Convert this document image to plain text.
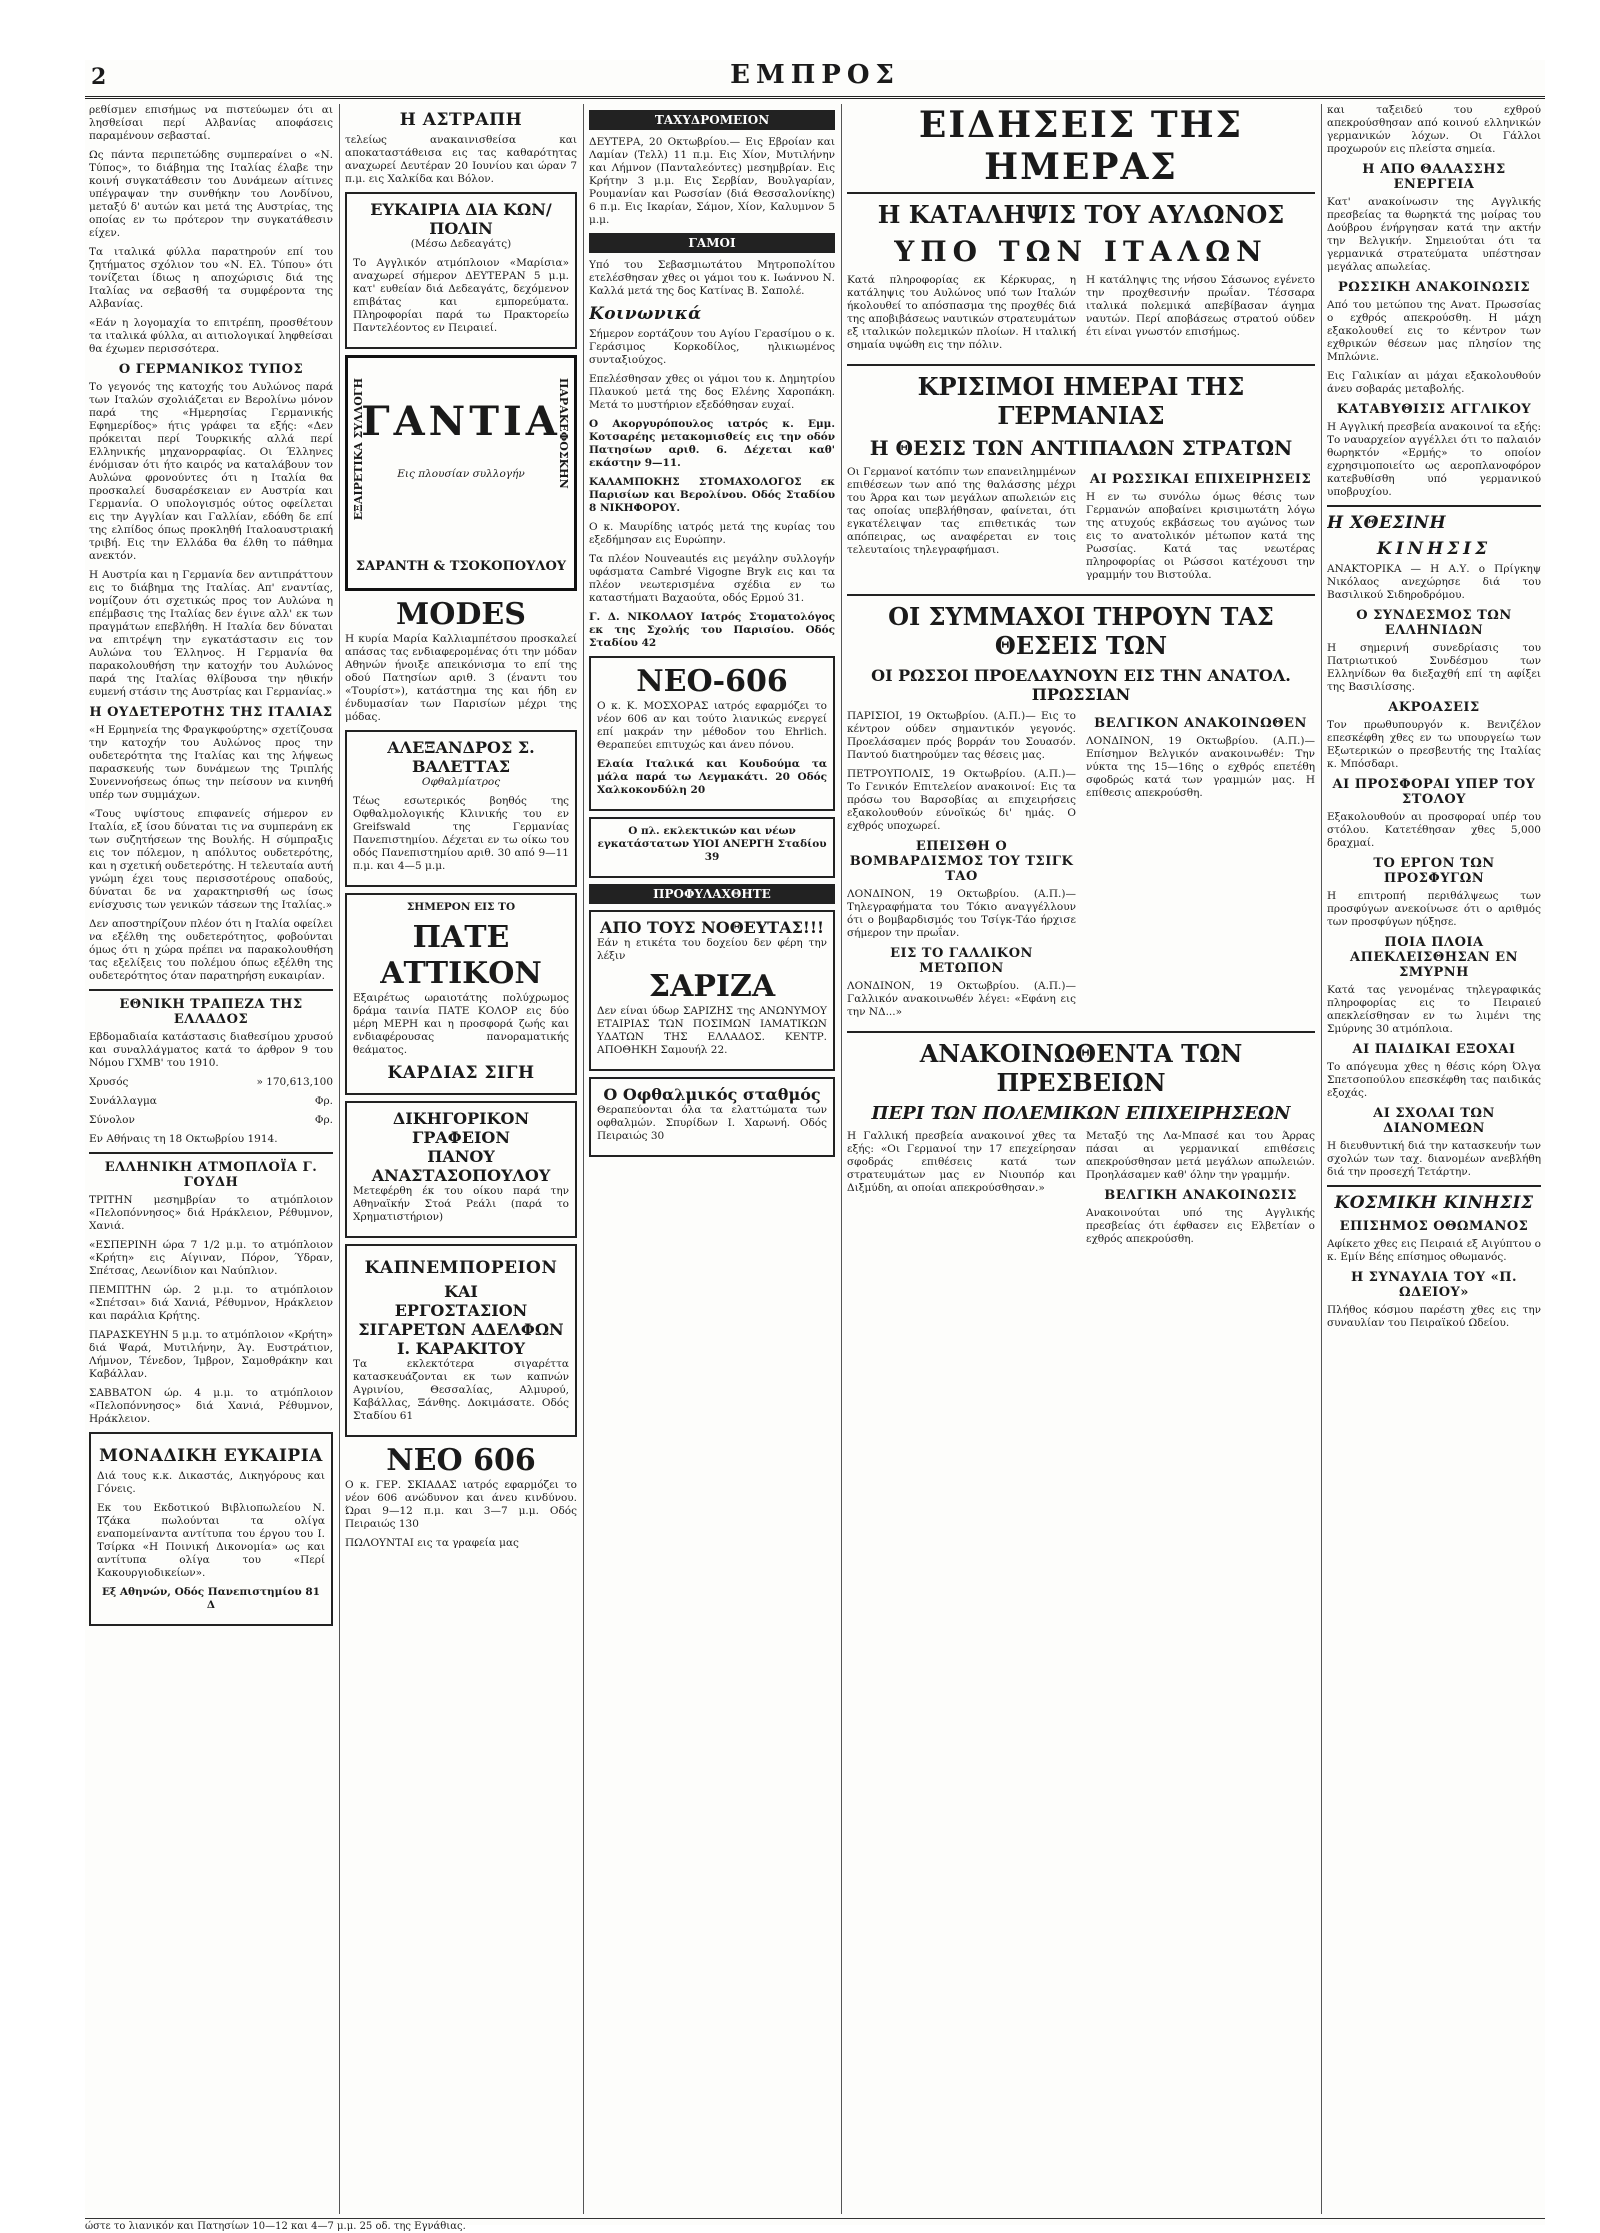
2	ΕΜΠΡΟΣ

ρεθίσμεν επισήμως να πιστεύωμεν ότι αι λησθείσαι περί Αλβανίας αποφάσεις παραμένουν σεβασταί.

Ως πάντα περιπετώδης συμπεραίνει ο «Ν. Τύπος», το διάβημα της Ιταλίας έλαβε την κοινή συγκατάθεσιν του Δυνάμεων αίτινες υπέγραψαν την συνθήκην του Λονδίνου, μεταξύ δ' αυτών και μετά της Αυστρίας, της οποίας εν τω πρότερον την συγκατάθεσιν είχεν.

Τα ιταλικά φύλλα παρατηρούν επί του ζητήματος σχόλιον του «Ν. Ελ. Τύπου» ότι τονίζεται ίδιως η αποχώρισις διά της Ιταλίας να σεβασθή τα συμφέροντα της Αλβανίας.

«Εάν η λογομαχία το επιτρέπη, προσθέτουν τα ιταλικά φύλλα, αι αιτιολογικαί ληφθείσαι θα έχωμεν περισσότερα.

Ο ΓΕΡΜΑΝΙΚΟΣ ΤΥΠΟΣ

Το γεγονός της κατοχής του Αυλώνος παρά των Ιταλών σχολιάζεται εν Βερολίνω μόνον παρά της «Ημερησίας Γερμανικής Εφημερίδος» ήτις γράφει τα εξής: «Δεν πρόκειται περί Τουρκικής αλλά περί Ελληνικής μηχανορραφίας. Οι Έλληνες ένόμισαν ότι ήτο καιρός να καταλάβουν τον Αυλώνα φρονούντες ότι η Ιταλία θα προσκαλεί δυσαρέσκειαν εν Αυστρία και Γερμανία. Ο υπολογισμός ούτος οφείλεται εις την Αγγλίαν και Γαλλίαν, εδόθη δε επί της ελπίδος όπως προκληθή Ιταλοαυστριακή τριβή. Εις την Ελλάδα θα έλθη το πάθημα ανεκτόν.

Η Αυστρία και η Γερμανία δεν αντιπράττουν εις το διάβημα της Ιταλίας. Απ' εναντίας, νομίζουν ότι σχετικώς προς τον Αυλώνα η επέμβασις της Ιταλίας δεν έγινε αλλ' εκ των πραγμάτων επεβλήθη. Η Ιταλία δεν δύναται να επιτρέψη την εγκατάστασιν εις τον Αυλώνα του Έλληνος. Η Γερμανία θα παρακολουθήση την κατοχήν του Αυλώνος παρά της Ιταλίας θλίβουσα την ηθικήν ευμενή στάσιν της Αυστρίας και Γερμανίας.»

Η ΟΥΔΕΤΕΡΟΤΗΣ ΤΗΣ ΙΤΑΛΙΑΣ

«Η Ερμηνεία της Φραγκφούρτης» σχετίζουσα την κατοχήν του Αυλώνος προς την ουδετερότητα της Ιταλίας και της λήψεως παρασκευής των δυνάμεων της Τριπλής Συνεννοήσεως όπως την πείσουν να κινηθή υπέρ των συμμάχων.

«Τους υψίστους επιφανείς σήμερον εν Ιταλία, εξ ίσου δύναται τις να συμπεράνη εκ των συζητήσεων της Βουλής. Η σύμπραξις εις τον πόλεμον, η απόλυτος ουδετερότης, και η σχετική ουδετερότης. Η τελευταία αυτή γνώμη έχει τους περισσοτέρους οπαδούς, δύναται δε να χαρακτηρισθή ως ίσως ενίσχυσις των γενικών τάσεων της Ιταλίας.»

Δεν αποστηρίζουν πλέον ότι η Ιταλία οφείλει να εξέλθη της ουδετερότητος, φοβούνται όμως ότι η χώρα πρέπει να παρακολουθήση τας εξελίξεις του πολέμου όπως εξέλθη της ουδετερότητος όταν παρατηρήση ευκαιρίαν.

ΕΘΝΙΚΗ ΤΡΑΠΕΖΑ ΤΗΣ ΕΛΛΑΔΟΣ

Εβδομαδιαία κατάστασις διαθεσίμου χρυσού και συναλλάγματος κατά το άρθρον 9 του Νόμου ΓΧΜΒ' του 1910.

Χρυσός	» 170,613,100
Συνάλλαγμα	Φρ.
Σύνολον	Φρ.

Εν Αθήναις τη 18 Οκτωβρίου 1914.

ΕΛΛΗΝΙΚΗ ΑΤΜΟΠΛΟΪΑ Γ. ΓΟΥΔΗ

ΤΡΙΤΗΝ μεσημβρίαν το ατμόπλοιον «Πελοπόννησος» διά Ηράκλειον, Ρέθυμνον, Χανιά.

«ΕΣΠΕΡΙΝΗ ώρα 7 1/2 μ.μ. το ατμόπλοιον «Κρήτη» εις Αίγιναν, Πόρον, Ύδραν, Σπέτσας, Λεωνίδιον και Ναύπλιον.

ΠΕΜΠΤΗΝ ώρ. 2 μ.μ. το ατμόπλοιον «Σπέτσαι» διά Χανιά, Ρέθυμνον, Ηράκλειον και παράλια Κρήτης.

ΠΑΡΑΣΚΕΥΗΝ 5 μ.μ. το ατμόπλοιον «Κρήτη» διά Ψαρά, Μυτιλήνην, Άγ. Ευστράτιον, Λήμνον, Τένεδον, Ίμβρον, Σαμοθράκην και Καβάλλαν.

ΣΑΒΒΑΤΟΝ ώρ. 4 μ.μ. το ατμόπλοιον «Πελοπόννησος» διά Χανιά, Ρέθυμνον, Ηράκλειον.

ΜΟΝΑΔΙΚΗ ΕΥΚΑΙΡΙΑ

Διά τους κ.κ. Δικαστάς, Δικηγόρους και Γόνεις.

Εκ του Εκδοτικού Βιβλιοπωλείου Ν. Τζάκα πωλούνται τα ολίγα εναπομείναντα αντίτυπα του έργου του Ι. Τσίρκα «Η Ποινική Δικονομία» ως και αντίτυπα ολίγα του «Περί Κακουργιοδικείων».

Εξ Αθηνών, Οδός Πανεπιστημίου 81 Δ

Η ΑΣΤΡΑΠΗ

τελείως ανακαινισθείσα και αποκαταστάθεισα εις τας καθαρότητας αναχωρεί Δευτέραν 20 Ιουνίου και ώραν 7 π.μ. εις Χαλκίδα και Βόλον.

ΕΥΚΑΙΡΙΑ ΔΙΑ ΚΩΝ/ΠΟΛΙΝ
(Μέσω Δεδεαγάτς)

Το Αγγλικόν ατμόπλοιον «Μαρίσια» αναχωρεί σήμερον ΔΕΥΤΕΡΑΝ 5 μ.μ. κατ' ευθείαν διά Δεδεαγάτς, δεχόμενον επιβάτας και εμπορεύματα. Πληροφορίαι παρά τω Πρακτορείω Παντελέοντος εν Πειραιεί.

ΕΞΑΙΡΕΤΙΚΑ ΣΥΛΛΟΓΗ	ΠΑΡΑΚΕΦΟΣΚΗΝ
ΓΑΝΤΙΑ
Εις πλουσίαν συλλογήν
ΣΑΡΑΝΤΗ & ΤΣΟΚΟΠΟΥΛΟΥ
MODES

Η κυρία Μαρία Καλλιαμπέτσου προσκαλεί απάσας τας ενδιαφερομένας ότι την μόδαν Αθηνών ήνοιξε απεικόνισμα το επί της οδού Πατησίων αριθ. 3 (έναντι του «Τουρίστ»), κατάστημα της και ήδη εν ένδυμασίαν των Παρισίων μέχρι της μόδας.

ΑΛΕΞΑΝΔΡΟΣ Σ. ΒΑΛΕΤΤΑΣ
Οφθαλμίατρος

Τέως εσωτερικός βοηθός της Οφθαλμολογικής Κλινικής του εν Greifswald της Γερμανίας Πανεπιστημίου. Δέχεται εν τω οίκω του οδός Πανεπιστημίου αριθ. 30 από 9—11 π.μ. και 4—5 μ.μ.

ΣΗΜΕΡΟΝ ΕΙΣ ΤΟ
ΠΑΤΕ ΑΤΤΙΚΟΝ

Εξαιρέτως ωραιοτάτης πολύχρωμος δράμα ταινία ΠΑΤΕ ΚΟΛΟΡ εις δύο μέρη ΜΕΡΗ και η προσφορά ζωής και ενδιαφέρουσας πανοραματικής θεάματος.

ΚΑΡΔΙΑΣ ΣΙΓΗ
ΔΙΚΗΓΟΡΙΚΟΝ ΓΡΑΦΕΙΟΝ
ΠΑΝΟΥ ΑΝΑΣΤΑΣΟΠΟΥΛΟΥ

Μετεφέρθη έκ του οίκου παρά την Αθηναϊκήν Στοά Ρεάλι (παρά το Χρηματιστήριον)

ΚΑΠΝΕΜΠΟΡΕΙΟΝ
ΚΑΙ
ΕΡΓΟΣΤΑΣΙΟΝ ΣΙΓΑΡΕΤΩΝ ΑΔΕΛΦΩΝ Ι. ΚΑΡΑΚΙΤΟΥ

Τα εκλεκτότερα σιγαρέττα κατασκευάζονται εκ των καπνών Αγρινίου, Θεσσαλίας, Αλμυρού, Καβάλλας, Ξάνθης. Δοκιμάσατε. Οδός Σταδίου 61

ΝΕΟ 606

Ο κ. ΓΕΡ. ΣΚΙΑΔΑΣ ιατρός εφαρμόζει το νέον 606 ανώδυνον και άνευ κινδύνου. Ώραι 9—12 π.μ. και 3—7 μ.μ. Οδός Πειραιώς 130

ΠΩΛΟΥΝΤΑΙ εις τα γραφεία μας

ΤΑΧΥΔΡΟΜΕΙΟΝ

ΔΕΥΤΕΡΑ, 20 Οκτωβρίου.— Εις Εβροίαν και Λαμίαν (Τελλ) 11 π.μ. Εις Χίον, Μυτιλήνην και Λήμνον (Πανταλεόντες) μεσημβρίαν. Εις Κρήτην 3 μ.μ. Εις Σερβίαν, Βουλγαρίαν, Ρουμανίαν και Ρωσσίαν (διά Θεσσαλονίκης) 6 π.μ. Εις Ικαρίαν, Σάμον, Χίον, Καλυμνον 5 μ.μ.

ΓΑΜΟΙ

Υπό του Σεβασμιωτάτου Μητροπολίτου ετελέσθησαν χθες οι γάμοι του κ. Ιωάννου Ν. Καλλά μετά της δος Κατίνας Β. Σαπολέ.

Κοινωνικά

Σήμερον εορτάζουν του Αγίου Γερασίμου ο κ. Γεράσιμος Κορκοδίλος, ηλικιωμένος συνταξιούχος.

Επελέσθησαν χθες οι γάμοι του κ. Δημητρίου Πλαυκού μετά της δος Ελένης Χαροπάκη. Μετά το μυστήριον εξεδόθησαν ευχαί.

Ο Ακοργυρόπουλος ιατρός κ. Εμμ. Κοτσαρέης μετακομισθείς εις την οδόν Πατησίων αριθ. 6. Δέχεται καθ' εκάστην 9—11.

ΚΑΛΑΜΠΟΚΗΣ ΣΤΟΜΑΧΟΛΟΓΟΣ εκ Παρισίων και Βερολίνου. Οδός Σταδίου 8 ΝΙΚΗΦΟΡΟΥ.

Ο κ. Μαυρίδης ιατρός μετά της κυρίας του εξεδήμησαν εις Ευρώπην.

Τα πλέον Nouveautés εις μεγάλην συλλογήν υφάσματα Cambré Vigogne Bryk εις και τα πλέον νεωτερισμένα σχέδια εν τω καταστήματι Βαχαούτα, οδός Ερμού 31.

Γ. Δ. ΝΙΚΟΛΑΟΥ Ιατρός Στοματολόγος εκ της Σχολής του Παρισίου. Οδός Σταδίου 42

ΝΕΟ-606

Ο κ. Κ. ΜΟΣΧΟΡΑΣ ιατρός εφαρμόζει το νέον 606 αν και τούτο λιανικώς ενεργεί επί μακράν την μέθοδον του Ehrlich. Θεραπεύει επιτυχώς και άνευ πόνου.

Ελαία Ιταλικά και Κουδούμα τα μάλα παρά τω Λεγμακάτι. 20 Οδός Χαλκοκονδύλη 20

Ο πλ. εκλεκτικών και νέων εγκατάστατων ΥΙΟΙ ΑΝΕΡΓΗ Σταδίου 39

ΠΡΟΦΥΛΑΧΘΗΤΕ
ΑΠΟ ΤΟΥΣ ΝΟΘΕΥΤΑΣ!!!

Εάν η ετικέτα του δοχείου δεν φέρη την λέξιν

ΣΑΡΙΖΑ

Δεν είναι ύδωρ ΣΑΡΙΖΗΣ της ΑΝΩΝΥΜΟΥ ΕΤΑΙΡΙΑΣ ΤΩΝ ΠΟΣΙΜΩΝ ΙΑΜΑΤΙΚΩΝ ΥΔΑΤΩΝ ΤΗΣ ΕΛΛΑΔΟΣ. ΚΕΝΤΡ. ΑΠΟΘΗΚΗ Σαμουήλ 22.

Ο Οφθαλμικός σταθμός

Θεραπεύονται όλα τα ελαττώματα των οφθαλμών. Σπυρίδων Ι. Χαρωνή. Οδός Πειραιώς 30

ΕΙΔΗΣΕΙΣ ΤΗΣ ΗΜΕΡΑΣ
Η ΚΑΤΑΛΗΨΙΣ ΤΟΥ ΑΥΛΩΝΟΣ
ΥΠΟ ΤΩΝ ΙΤΑΛΩΝ

Κατά πληροφορίας εκ Κέρκυρας, η κατάληψις του Αυλώνος υπό των Ιταλών ήκολουθεί το απόσπασμα της προχθές διά της αποβιβάσεως ναυτικών στρατευμάτων εξ ιταλικών πολεμικών πλοίων. Η ιταλική σημαία υψώθη εις την πόλιν.

Η κατάληψις της νήσου Σάσωνος εγένετο την προχθεσινήν πρωΐαν. Τέσσαρα ιταλικά πολεμικά απεβίβασαν άγημα ναυτών. Περί αποβάσεως στρατού ούδεν έτι είναι γνωστόν επισήμως.

ΚΡΙΣΙΜΟΙ ΗΜΕΡΑΙ ΤΗΣ ΓΕΡΜΑΝΙΑΣ
Η ΘΕΣΙΣ ΤΩΝ ΑΝΤΙΠΑΛΩΝ ΣΤΡΑΤΩΝ

Οι Γερμανοί κατόπιν των επανειλημμένων επιθέσεων των από της θαλάσσης μέχρι του Άρρα και των μεγάλων απωλειών εις τας οποίας υπεβλήθησαν, φαίνεται, ότι εγκατέλειψαν τας επιθετικάς των απόπειρας, ως αναφέρεται εν τοις τελευταίοις τηλεγραφήμασι.

ΑΙ ΡΩΣΣΙΚΑΙ ΕΠΙΧΕΙΡΗΣΕΙΣ

Η εν τω συνόλω όμως θέσις των Γερμανών αποβαίνει κρισιμωτάτη λόγω της ατυχούς εκβάσεως του αγώνος των εις το ανατολικόν μέτωπον κατά της Ρωσσίας. Κατά τας νεωτέρας πληροφορίας οι Ρώσσοι κατέχουσι την γραμμήν του Βιστούλα.

ΟΙ ΣΥΜΜΑΧΟΙ ΤΗΡΟΥΝ ΤΑΣ ΘΕΣΕΙΣ ΤΩΝ
ΟΙ ΡΩΣΣΟΙ ΠΡΟΕΛΑΥΝΟΥΝ ΕΙΣ ΤΗΝ ΑΝΑΤΟΛ. ΠΡΩΣΣΙΑΝ

ΠΑΡΙΣΙΟΙ, 19 Οκτωβρίου. (Α.Π.)— Εις το κέντρον ούδεν σημαντικόν γεγονός. Προελάσαμεν πρός βορράν του Σουασόν. Παντού διατηρούμεν τας θέσεις μας.

ΠΕΤΡΟΥΠΟΛΙΣ, 19 Οκτωβρίου. (Α.Π.)— Το Γενικόν Επιτελείον ανακοινοί: Εις τα πρόσω του Βαρσοβίας αι επιχειρήσεις εξακολουθούν εύνοϊκώς δι' ημάς. Ο εχθρός υποχωρεί.

ΕΠΕΙΣΘΗ Ο ΒΟΜΒΑΡΔΙΣΜΟΣ ΤΟΥ ΤΣΙΓΚ ΤΑΟ

ΛΟΝΔΙΝΟΝ, 19 Οκτωβρίου. (Α.Π.)— Τηλεγραφήματα του Τόκιο αναγγέλλουν ότι ο βομβαρδισμός του Τσίγκ-Τάο ήρχισε σήμερον την πρωΐαν.

ΕΙΣ ΤΟ ΓΑΛΛΙΚΟΝ ΜΕΤΩΠΟΝ

ΛΟΝΔΙΝΟΝ, 19 Οκτωβρίου. (Α.Π.)— Γαλλικόν ανακοινωθέν λέγει: «Εφάνη εις την ΝΔ...»

ΒΕΛΓΙΚΟΝ ΑΝΑΚΟΙΝΩΘΕΝ

ΛΟΝΔΙΝΟΝ, 19 Οκτωβρίου. (Α.Π.)— Επίσημον Βελγικόν ανακοινωθέν: Την νύκτα της 15—16ης ο εχθρός επετέθη σφοδρώς κατά των γραμμών μας. Η επίθεσις απεκρούσθη.

ΑΝΑΚΟΙΝΩΘΕΝΤΑ ΤΩΝ ΠΡΕΣΒΕΙΩΝ
ΠΕΡΙ ΤΩΝ ΠΟΛΕΜΙΚΩΝ ΕΠΙΧΕΙΡΗΣΕΩΝ

Η Γαλλική πρεσβεία ανακοινοί χθες τα εξής: «Οι Γερμανοί την 17 επεχείρησαν σφοδράς επιθέσεις κατά των στρατευμάτων μας εν Νιουπόρ και Διξμύδη, αι οποίαι απεκρούσθησαν.»

Μεταξύ της Λα-Μπασέ και του Άρρας πάσαι αι γερμανικαί επιθέσεις απεκρούσθησαν μετά μεγάλων απωλειών. Προηλάσαμεν καθ' όλην την γραμμήν.

ΒΕΛΓΙΚΗ ΑΝΑΚΟΙΝΩΣΙΣ

Ανακοινούται υπό της Αγγλικής πρεσβείας ότι έφθασεν εις Ελβετίαν ο εχθρός απεκρούσθη.

και ταξειδεύ του εχθρού απεκρούσθησαν από κοινού ελληνικών γερμανικών λόχων. Οι Γάλλοι προχωρούν εις πλείστα σημεία.

Η ΑΠΟ ΘΑΛΑΣΣΗΣ ΕΝΕΡΓΕΙΑ

Κατ' ανακοίνωσιν της Αγγλικής πρεσβείας τα θωρηκτά της μοίρας του Δούβρου ένήργησαν κατά την ακτήν την Βελγικήν. Σημειούται ότι τα γερμανικά στρατεύματα υπέστησαν μεγάλας απωλείας.

ΡΩΣΣΙΚΗ ΑΝΑΚΟΙΝΩΣΙΣ

Από του μετώπου της Ανατ. Πρωσσίας ο εχθρός απεκρούσθη. Η μάχη εξακολουθεί εις το κέντρον των εχθρικών θέσεων μας πλησίον της Μπλώνιε.

Εις Γαλικίαν αι μάχαι εξακολουθούν άνευ σοβαράς μεταβολής.

ΚΑΤΑΒΥΘΙΣΙΣ ΑΓΓΛΙΚΟΥ

Η Αγγλική πρεσβεία ανακοινοί τα εξής: Το ναυαρχείον αγγέλλει ότι το παλαιόν θωρηκτόν «Ερμής» το οποίον εχρησιμοποιείτο ως αεροπλανοφόρον κατεβυθίσθη υπό γερμανικού υποβρυχίου.

Η ΧΘΕΣΙΝΗ
ΚΙΝΗΣΙΣ

ΑΝΑΚΤΟΡΙΚΑ — Η Α.Υ. ο Πρίγκηψ Νικόλαος ανεχώρησε διά του Βασιλικού Σιδηροδρόμου.

Ο ΣΥΝΔΕΣΜΟΣ ΤΩΝ ΕΛΛΗΝΙΔΩΝ

Η σημερινή συνεδρίασις του Πατριωτικού Συνδέσμου των Ελληνίδων θα διεξαχθή επί τη αφίξει της Βασιλίσσης.

ΑΚΡΟΑΣΕΙΣ

Τον πρωθυπουργόν κ. Βενιζέλον επεσκέφθη χθες εν τω υπουργείω των Εξωτερικών ο πρεσβευτής της Ιταλίας κ. Μπόσδαρι.

ΑΙ ΠΡΟΣΦΟΡΑΙ ΥΠΕΡ ΤΟΥ ΣΤΟΛΟΥ

Εξακολουθούν αι προσφοραί υπέρ του στόλου. Κατετέθησαν χθες 5,000 δραχμαί.

ΤΟ ΕΡΓΟΝ ΤΩΝ ΠΡΟΣΦΥΓΩΝ

Η επιτροπή περιθάλψεως των προσφύγων ανεκοίνωσε ότι ο αριθμός των προσφύγων ηύξησε.

ΠΟΙΑ ΠΛΟΙΑ ΑΠΕΚΛΕΙΣΘΗΣΑΝ ΕΝ ΣΜΥΡΝΗ

Κατά τας γενομένας τηλεγραφικάς πληροφορίας εις το Πειραιεύ απεκλείσθησαν εν τω λιμένι της Σμύρνης 30 ατμόπλοια.

ΑΙ ΠΑΙΔΙΚΑΙ ΕΞΟΧΑΙ

Το απόγευμα χθες η θέσις κόρη Όλγα Σπετσοπούλου επεσκέφθη τας παιδικάς εξοχάς.

ΑΙ ΣΧΟΛΑΙ ΤΩΝ ΔΙΑΝΟΜΕΩΝ

Η διευθυντική διά την κατασκευήν των σχολών των ταχ. διανομέων ανεβλήθη διά την προσεχή Τετάρτην.

ΚΟΣΜΙΚΗ ΚΙΝΗΣΙΣ
ΕΠΙΣΗΜΟΣ ΟΘΩΜΑΝΟΣ

Αφίκετο χθες εις Πειραιά εξ Αιγύπτου ο κ. Εμίν Βέης επίσημος οθωμανός.

Η ΣΥΝΑΥΛΙΑ ΤΟΥ «Π. ΩΔΕΙΟΥ»

Πλήθος κόσμου παρέστη χθες εις την συναυλίαν του Πειραϊκού Ωδείου.

ώστε το λιανικόν και Πατησίων 10—12 και 4—7 μ.μ. 25 οδ. της Εγνάθιας.
